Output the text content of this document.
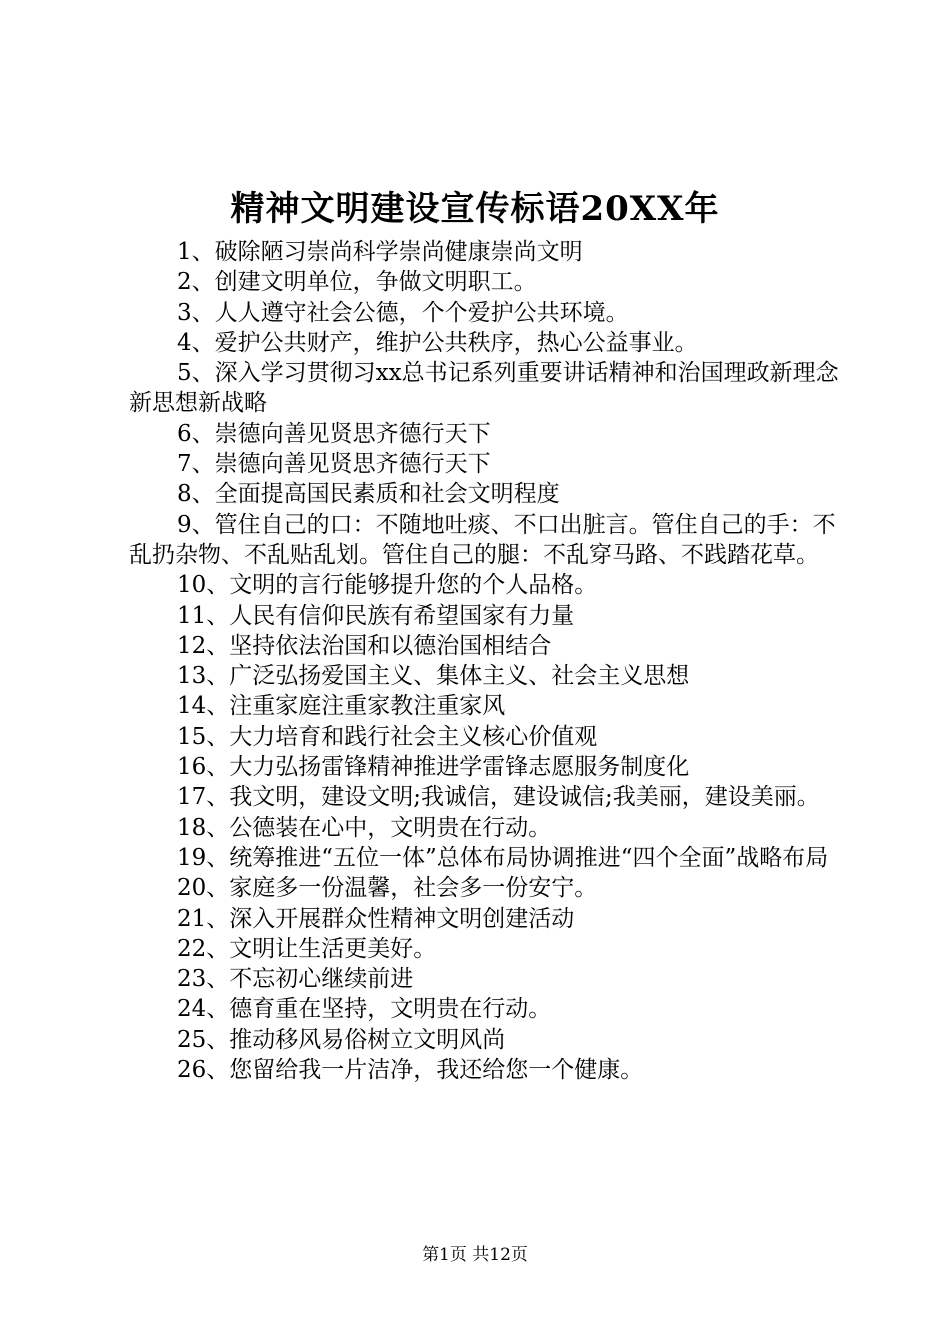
精神文明建设宣传标语20XX年

1、破除陋习崇尚科学崇尚健康崇尚文明

2、创建文明单位，争做文明职工。

3、人人遵守社会公德，个个爱护公共环境。

4、爱护公共财产，维护公共秩序，热心公益事业。

5、深入学习贯彻习xx总书记系列重要讲话精神和治国理政新理念新思想新战略

6、崇德向善见贤思齐德行天下

7、崇德向善见贤思齐德行天下

8、全面提高国民素质和社会文明程度

9、管住自己的口：不随地吐痰、不口出脏言。管住自己的手：不乱扔杂物、不乱贴乱划。管住自己的腿：不乱穿马路、不践踏花草。

10、文明的言行能够提升您的个人品格。

11、人民有信仰民族有希望国家有力量

12、坚持依法治国和以德治国相结合

13、广泛弘扬爱国主义、集体主义、社会主义思想

14、注重家庭注重家教注重家风

15、大力培育和践行社会主义核心价值观

16、大力弘扬雷锋精神推进学雷锋志愿服务制度化

17、我文明，建设文明;我诚信，建设诚信;我美丽，建设美丽。

18、公德装在心中，文明贵在行动。

19、统筹推进“五位一体”总体布局协调推进“四个全面”战略布局

20、家庭多一份温馨，社会多一份安宁。

21、深入开展群众性精神文明创建活动

22、文明让生活更美好。

23、不忘初心继续前进

24、德育重在坚持，文明贵在行动。

25、推动移风易俗树立文明风尚

26、您留给我一片洁净，我还给您一个健康。

第1页 共12页
